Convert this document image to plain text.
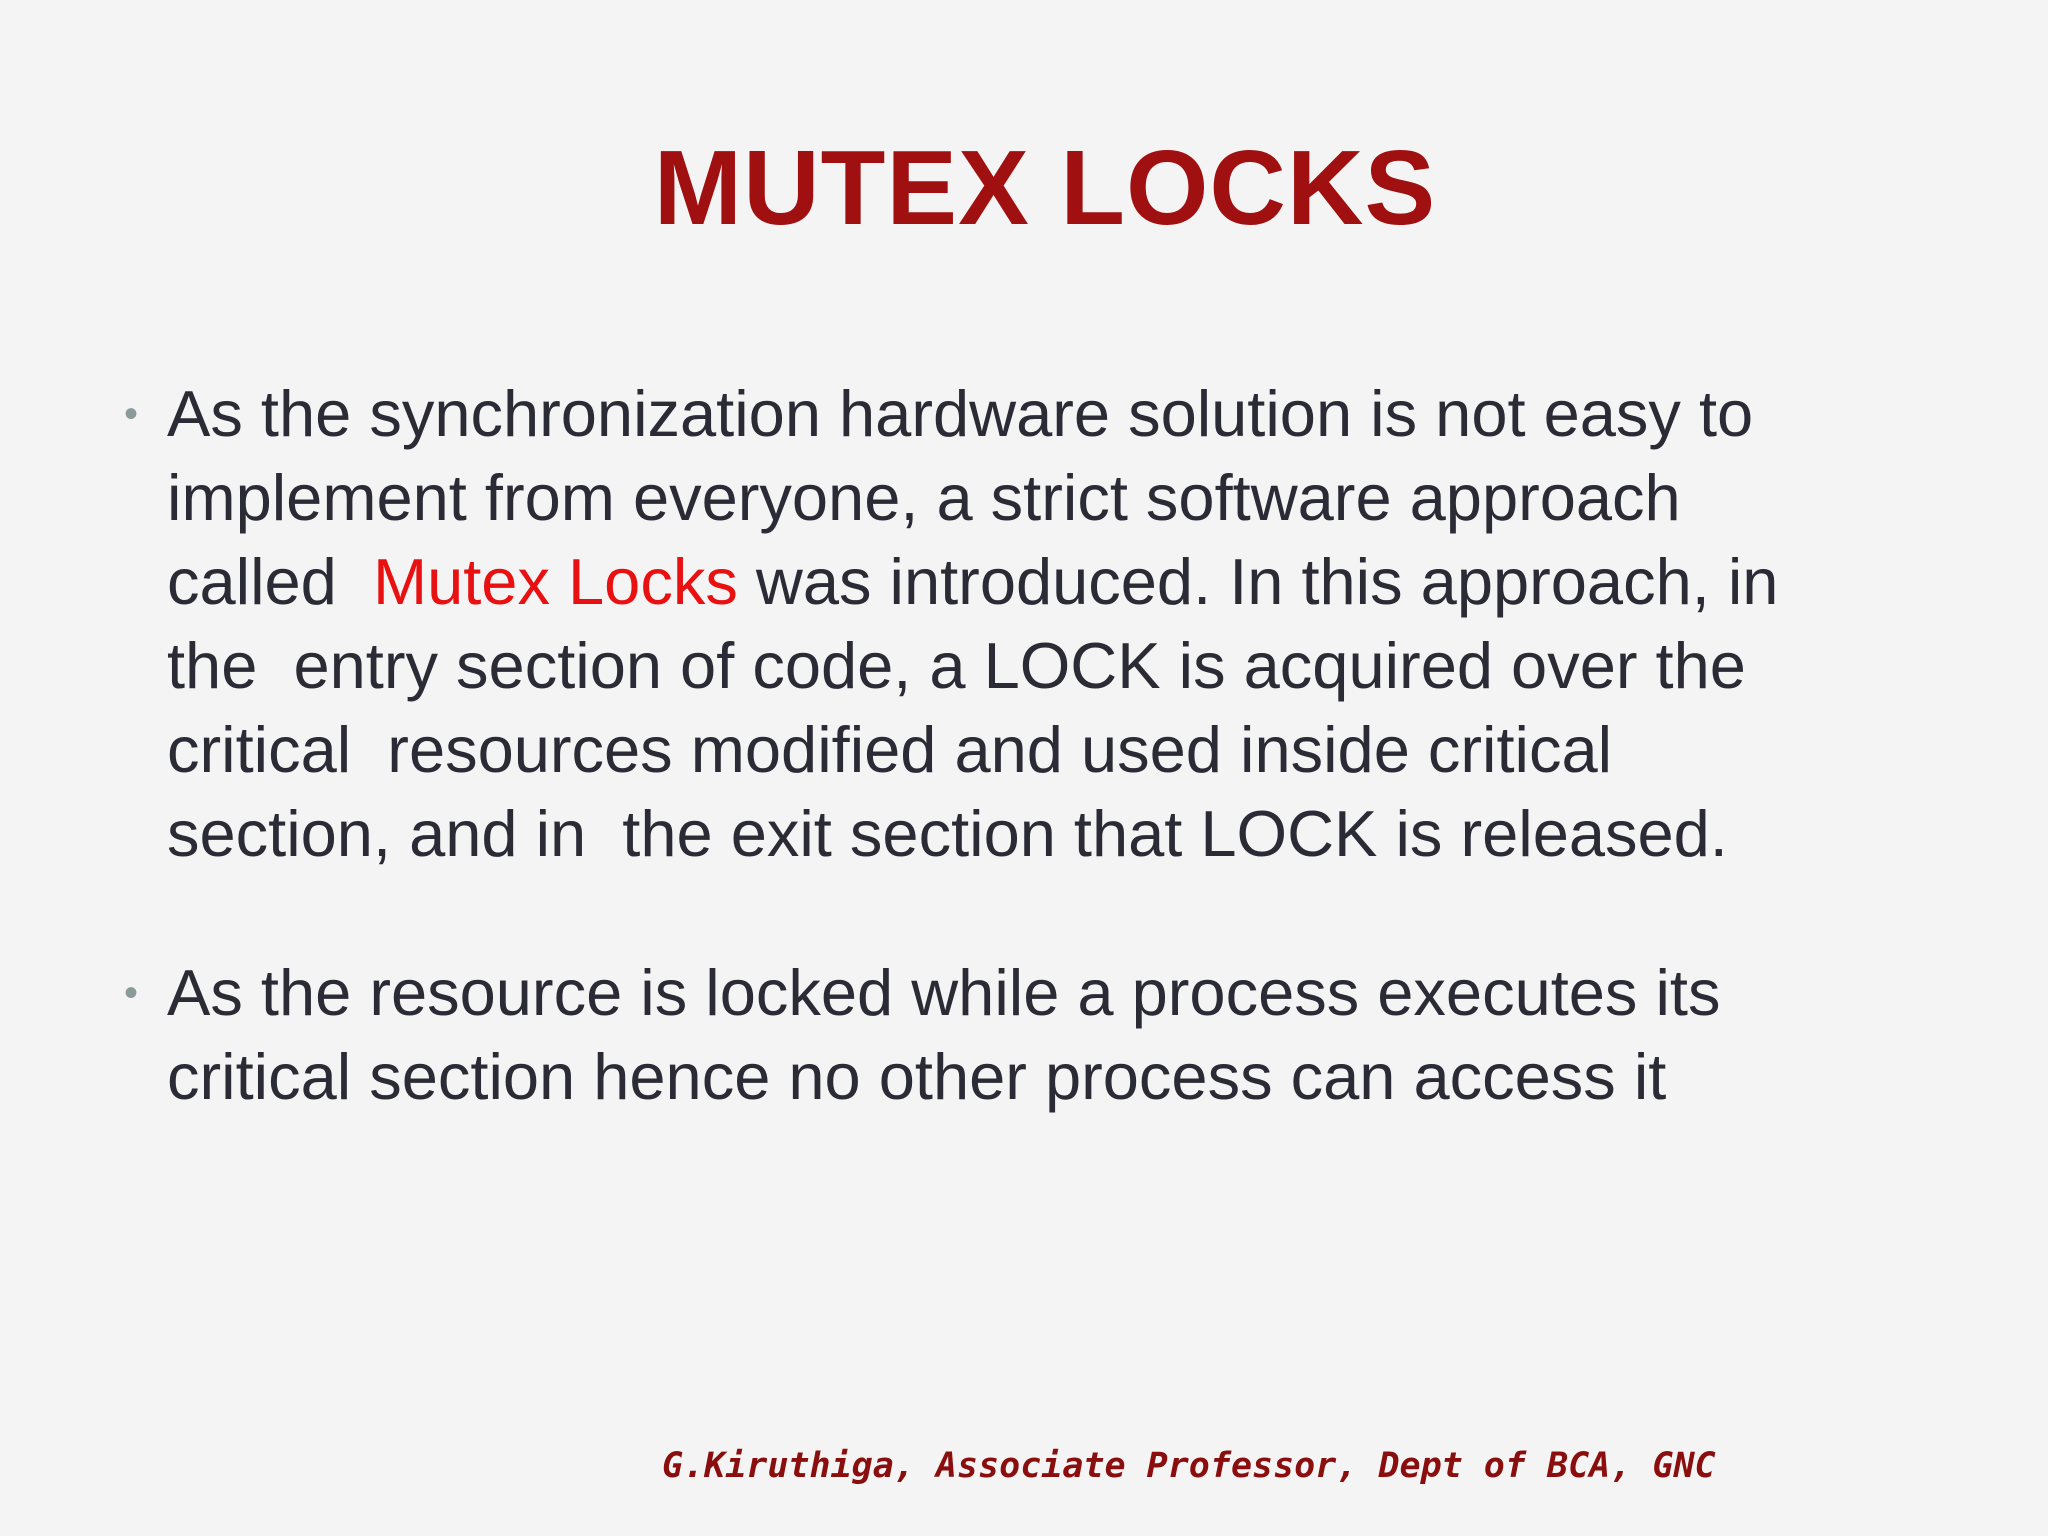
MUTEX LOCKS
• As the synchronization hardware solution is not easy to
implement from everyone, a strict software approach
called  Mutex Locks was introduced. In this approach, in
the  entry section of code, a LOCK is acquired over the
critical  resources modified and used inside critical
section, and in  the exit section that LOCK is released.
• As the resource is locked while a process executes its
critical section hence no other process can access it
G.Kiruthiga, Associate Professor, Dept of BCA, GNC
